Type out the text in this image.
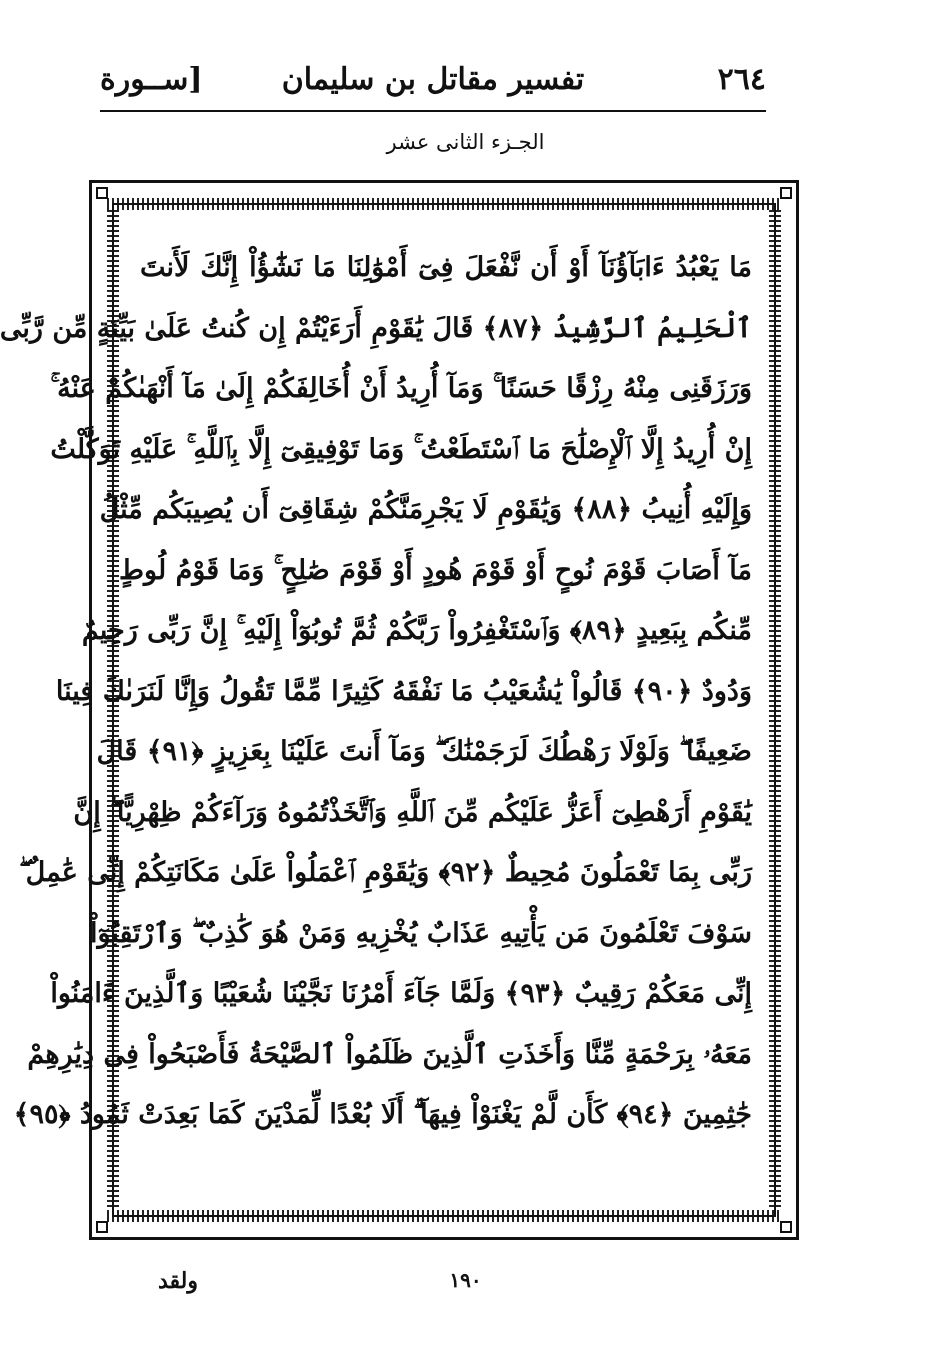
٢٦٤
تفسير مقاتل بن سليمان
[ســورة
الجـزء الثانى عشر
مَا يَعْبُدُ ءَابَآؤُنَآ أَوْ أَن نَّفْعَلَ فِىٓ أَمْوَٰلِنَا مَا نَشَٰٓؤُاْ إِنَّكَ لَأَنتَ
ٱلْحَلِيمُ ٱلرَّشِيدُ ﴿٨٧﴾ قَالَ يَٰقَوْمِ أَرَءَيْتُمْ إِن كُنتُ عَلَىٰ بَيِّنَةٍ مِّن رَّبِّى
وَرَزَقَنِى مِنْهُ رِزْقًا حَسَنًا ۚ وَمَآ أُرِيدُ أَنْ أُخَالِفَكُمْ إِلَىٰ مَآ أَنْهَىٰكُمْ عَنْهُ ۚ
إِنْ أُرِيدُ إِلَّا ٱلْإِصْلَٰحَ مَا ٱسْتَطَعْتُ ۚ وَمَا تَوْفِيقِىٓ إِلَّا بِٱللَّهِ ۚ عَلَيْهِ تَوَكَّلْتُ
وَإِلَيْهِ أُنِيبُ ﴿٨٨﴾ وَيَٰقَوْمِ لَا يَجْرِمَنَّكُمْ شِقَاقِىٓ أَن يُصِيبَكُم مِّثْلُ
مَآ أَصَابَ قَوْمَ نُوحٍ أَوْ قَوْمَ هُودٍ أَوْ قَوْمَ صَٰلِحٍ ۚ وَمَا قَوْمُ لُوطٍ
مِّنكُم بِبَعِيدٍ ﴿٨٩﴾ وَٱسْتَغْفِرُواْ رَبَّكُمْ ثُمَّ تُوبُوٓاْ إِلَيْهِ ۚ إِنَّ رَبِّى رَحِيمٌ
وَدُودٌ ﴿٩٠﴾ قَالُواْ يَٰشُعَيْبُ مَا نَفْقَهُ كَثِيرًا مِّمَّا تَقُولُ وَإِنَّا لَنَرَىٰكَ فِينَا
ضَعِيفًا ۖ وَلَوْلَا رَهْطُكَ لَرَجَمْنَٰكَ ۖ وَمَآ أَنتَ عَلَيْنَا بِعَزِيزٍ ﴿٩١﴾ قَالَ
يَٰقَوْمِ أَرَهْطِىٓ أَعَزُّ عَلَيْكُم مِّنَ ٱللَّهِ وَٱتَّخَذْتُمُوهُ وَرَآءَكُمْ ظِهْرِيًّا ۖ إِنَّ
رَبِّى بِمَا تَعْمَلُونَ مُحِيطٌ ﴿٩٢﴾ وَيَٰقَوْمِ ٱعْمَلُواْ عَلَىٰ مَكَانَتِكُمْ إِنِّى عَٰمِلٌ ۖ
سَوْفَ تَعْلَمُونَ مَن يَأْتِيهِ عَذَابٌ يُخْزِيهِ وَمَنْ هُوَ كَٰذِبٌ ۖ وَٱرْتَقِبُوٓاْ
إِنِّى مَعَكُمْ رَقِيبٌ ﴿٩٣﴾ وَلَمَّا جَآءَ أَمْرُنَا نَجَّيْنَا شُعَيْبًا وَٱلَّذِينَ ءَامَنُواْ
مَعَهُۥ بِرَحْمَةٍ مِّنَّا وَأَخَذَتِ ٱلَّذِينَ ظَلَمُواْ ٱلصَّيْحَةُ فَأَصْبَحُواْ فِى دِيَٰرِهِمْ
جَٰثِمِينَ ﴿٩٤﴾ كَأَن لَّمْ يَغْنَوْاْ فِيهَآ ۗ أَلَا بُعْدًا لِّمَدْيَنَ كَمَا بَعِدَتْ ثَمُودُ ﴿٩٥﴾
ولقد	١٩٠
